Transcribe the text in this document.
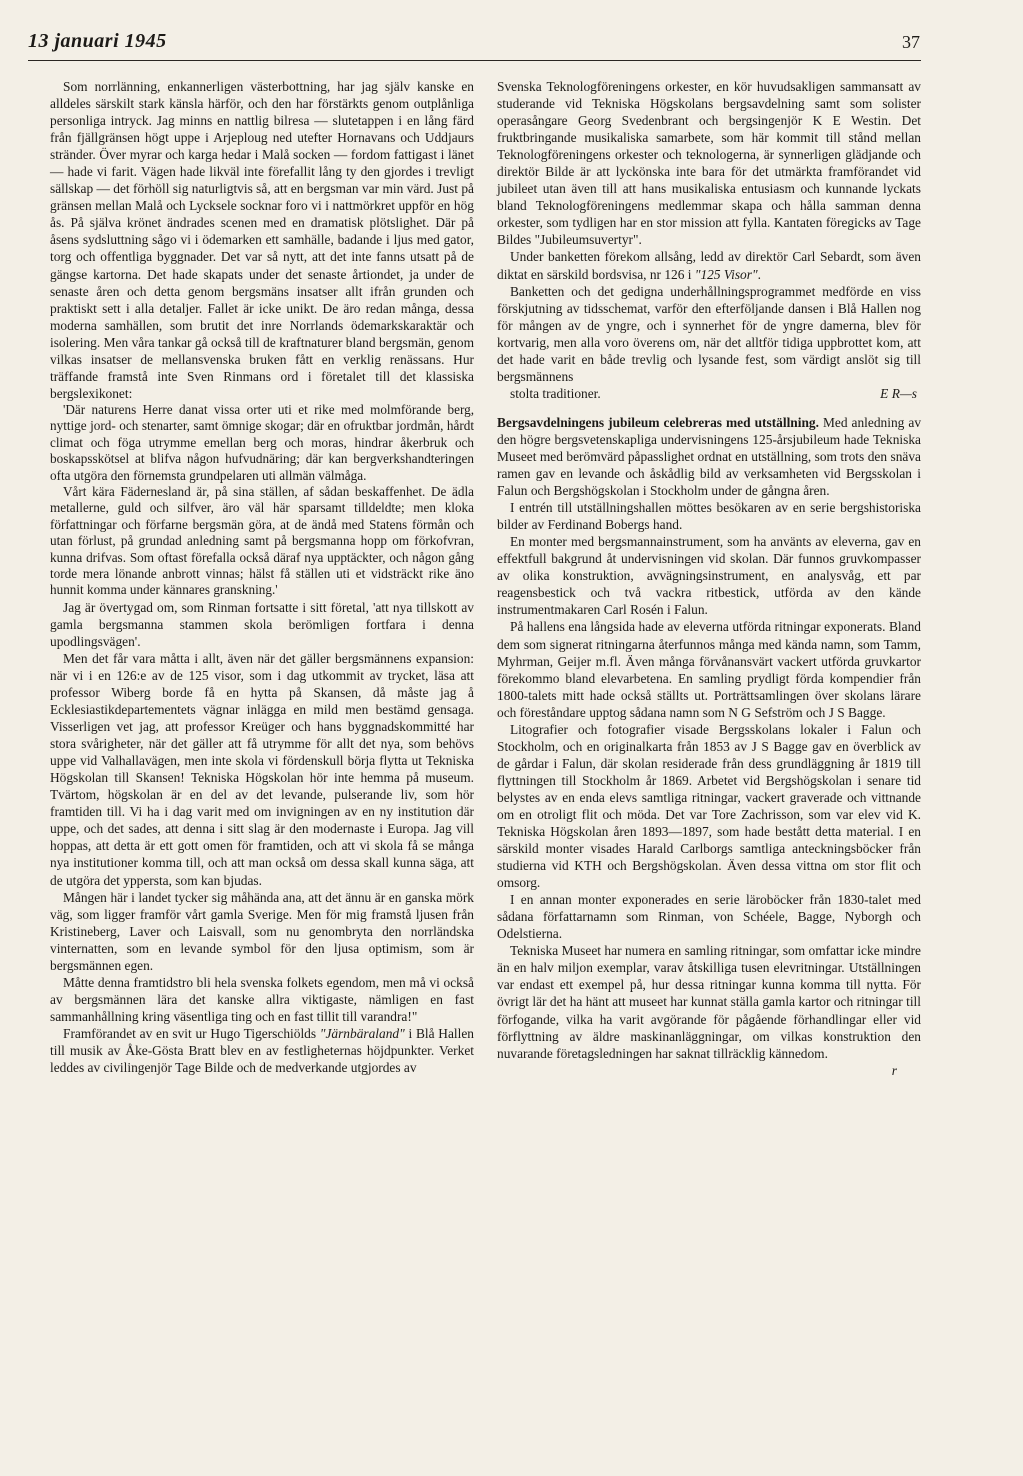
13 januari 1945	37

Som norrlänning, enkannerligen västerbottning, har jag själv kanske en alldeles särskilt stark känsla härför, och den har förstärkts genom outplånliga personliga intryck. Jag minns en nattlig bilresa — slutetappen i en lång färd från fjällgränsen högt uppe i Arjeploug ned utefter Hornavans och Uddjaurs stränder. Över myrar och karga hedar i Malå socken — fordom fattigast i länet — hade vi farit. Vägen hade likväl inte förefallit lång ty den gjordes i trevligt sällskap — det förhöll sig naturligtvis så, att en bergsman var min värd. Just på gränsen mellan Malå och Lycksele socknar foro vi i nattmörkret uppför en hög ås. På själva krönet ändrades scenen med en dramatisk plötslighet. Där på åsens sydsluttning sågo vi i ödemarken ett samhälle, badande i ljus med gator, torg och offentliga byggnader. Det var så nytt, att det inte fanns utsatt på de gängse kartorna. Det hade skapats under det senaste årtiondet, ja under de senaste åren och detta genom bergsmäns insatser allt ifrån grunden och praktiskt sett i alla detaljer. Fallet är icke unikt. De äro redan många, dessa moderna samhällen, som brutit det inre Norrlands ödemarkskaraktär och isolering. Men våra tankar gå också till de kraftnaturer bland bergsmän, genom vilkas insatser de mellansvenska bruken fått en verklig renässans. Hur träffande framstå inte Sven Rinmans ord i företalet till det klassiska bergslexikonet:

'Där naturens Herre danat vissa orter uti et rike med molmförande berg, nyttige jord- och stenarter, samt ömnige skogar; där en ofruktbar jordmån, hårdt climat och föga utrymme emellan berg och moras, hindrar åkerbruk och boskapsskötsel at blifva någon hufvudnäring; där kan bergverkshandteringen ofta utgöra den förnemsta grundpelaren uti allmän välmåga.

Vårt kära Fädernesland är, på sina ställen, af sådan beskaffenhet. De ädla metallerne, guld och silfver, äro väl här sparsamt tilldeldte; men kloka författningar och förfarne bergsmän göra, at de ändå med Statens förmån och utan förlust, på grundad anledning samt på bergsmanna hopp om förkofvran, kunna drifvas. Som oftast förefalla också däraf nya upptäckter, och någon gång torde mera lönande anbrott vinnas; hälst få ställen uti et vidsträckt rike äno hunnit komma under kännares granskning.'

Jag är övertygad om, som Rinman fortsatte i sitt företal, 'att nya tillskott av gamla bergsmanna stammen skola berömligen fortfara i denna upodlingsvägen'.

Men det får vara måtta i allt, även när det gäller bergsmännens expansion: när vi i en 126:e av de 125 visor, som i dag utkommit av trycket, läsa att professor Wiberg borde få en hytta på Skansen, då måste jag å Ecklesiastikdepartementets vägnar inlägga en mild men bestämd gensaga. Visserligen vet jag, att professor Kreüger och hans byggnadskommitté har stora svårigheter, när det gäller att få utrymme för allt det nya, som behövs uppe vid Valhallavägen, men inte skola vi fördenskull börja flytta ut Tekniska Högskolan till Skansen! Tekniska Högskolan hör inte hemma på museum. Tvärtom, högskolan är en del av det levande, pulserande liv, som hör framtiden till. Vi ha i dag varit med om invigningen av en ny institution där uppe, och det sades, att denna i sitt slag är den modernaste i Europa. Jag vill hoppas, att detta är ett gott omen för framtiden, och att vi skola få se många nya institutioner komma till, och att man också om dessa skall kunna säga, att de utgöra det yppersta, som kan bjudas.

Mången här i landet tycker sig måhända ana, att det ännu är en ganska mörk väg, som ligger framför vårt gamla Sverige. Men för mig framstå ljusen från Kristineberg, Laver och Laisvall, som nu genombryta den norrländska vinternatten, som en levande symbol för den ljusa optimism, som är bergsmännen egen.

Måtte denna framtidstro bli hela svenska folkets egendom, men må vi också av bergsmännen lära det kanske allra viktigaste, nämligen en fast sammanhållning kring väsentliga ting och en fast tillit till varandra!"

Framförandet av en svit ur Hugo Tigerschiölds "Järnbäraland" i Blå Hallen till musik av Åke-Gösta Bratt blev en av festligheternas höjdpunkter. Verket leddes av civilingenjör Tage Bilde och de medverkande utgjordes av

Svenska Teknologföreningens orkester, en kör huvudsakligen sammansatt av studerande vid Tekniska Högskolans bergsavdelning samt som solister operasångare Georg Svedenbrant och bergsingenjör K E Westin. Det fruktbringande musikaliska samarbete, som här kommit till stånd mellan Teknologföreningens orkester och teknologerna, är synnerligen glädjande och direktör Bilde är att lyckönska inte bara för det utmärkta framförandet vid jubileet utan även till att hans musikaliska entusiasm och kunnande lyckats bland Teknologföreningens medlemmar skapa och hålla samman denna orkester, som tydligen har en stor mission att fylla. Kantaten föregicks av Tage Bildes "Jubileumsuvertyr".

Under banketten förekom allsång, ledd av direktör Carl Sebardt, som även diktat en särskild bordsvisa, nr 126 i "125 Visor".

Banketten och det gedigna underhållningsprogrammet medförde en viss förskjutning av tidsschemat, varför den efterföljande dansen i Blå Hallen nog för mången av de yngre, och i synnerhet för de yngre damerna, blev för kortvarig, men alla voro överens om, när det alltför tidiga uppbrottet kom, att det hade varit en både trevlig och lysande fest, som värdigt anslöt sig till bergsmännens

stolta traditioner.	E R—s

Bergsavdelningens jubileum celebreras med utställning. Med anledning av den högre bergsvetenskapliga undervisningens 125-årsjubileum hade Tekniska Museet med berömvärd påpasslighet ordnat en utställning, som trots den snäva ramen gav en levande och åskådlig bild av verksamheten vid Bergsskolan i Falun och Bergshögskolan i Stockholm under de gångna åren.

I entrén till utställningshallen möttes besökaren av en serie bergshistoriska bilder av Ferdinand Bobergs hand.

En monter med bergsmannainstrument, som ha använts av eleverna, gav en effektfull bakgrund åt undervisningen vid skolan. Där funnos gruvkompasser av olika konstruktion, avvägningsinstrument, en analysvåg, ett par reagensbestick och två vackra ritbestick, utförda av den kände instrumentmakaren Carl Rosén i Falun.

På hallens ena långsida hade av eleverna utförda ritningar exponerats. Bland dem som signerat ritningarna återfunnos många med kända namn, som Tamm, Myhrman, Geijer m.fl. Även många förvånansvärt vackert utförda gruvkartor förekommo bland elevarbetena. En samling prydligt förda kompendier från 1800-talets mitt hade också ställts ut. Porträttsamlingen över skolans lärare och föreståndare upptog sådana namn som N G Sefström och J S Bagge.

Litografier och fotografier visade Bergsskolans lokaler i Falun och Stockholm, och en originalkarta från 1853 av J S Bagge gav en överblick av de gårdar i Falun, där skolan residerade från dess grundläggning år 1819 till flyttningen till Stockholm år 1869. Arbetet vid Bergshögskolan i senare tid belystes av en enda elevs samtliga ritningar, vackert graverade och vittnande om en otroligt flit och möda. Det var Tore Zachrisson, som var elev vid K. Tekniska Högskolan åren 1893—1897, som hade bestått detta material. I en särskild monter visades Harald Carlborgs samtliga anteckningsböcker från studierna vid KTH och Bergshögskolan. Även dessa vittna om stor flit och omsorg.

I en annan monter exponerades en serie läroböcker från 1830-talet med sådana författarnamn som Rinman, von Schéele, Bagge, Nyborgh och Odelstierna.

Tekniska Museet har numera en samling ritningar, som omfattar icke mindre än en halv miljon exemplar, varav åtskilliga tusen elevritningar. Utställningen var endast ett exempel på, hur dessa ritningar kunna komma till nytta. För övrigt lär det ha hänt att museet har kunnat ställa gamla kartor och ritningar till förfogande, vilka ha varit avgörande för pågående förhandlingar eller vid förflyttning av äldre maskinanläggningar, om vilkas konstruktion den nuvarande företagsledningen har saknat tillräcklig kännedom.

r
